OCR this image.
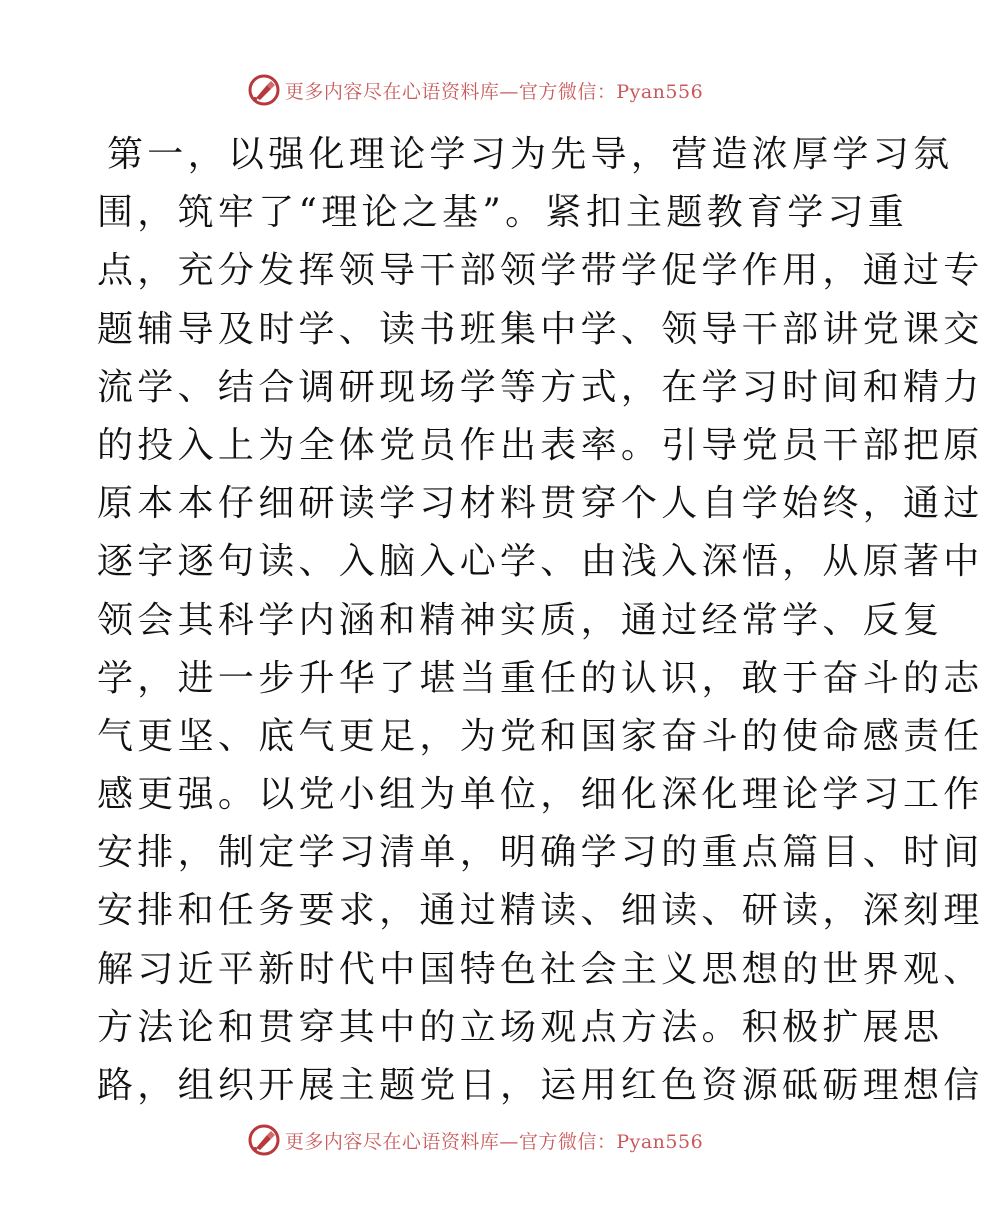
更多内容尽在心语资料库—官方微信：Pyan556
第一，以强化理论学习为先导，营造浓厚学习氛
围，筑牢了“理论之基”。紧扣主题教育学习重
点，充分发挥领导干部领学带学促学作用，通过专
题辅导及时学、读书班集中学、领导干部讲党课交
流学、结合调研现场学等方式，在学习时间和精力
的投入上为全体党员作出表率。引导党员干部把原
原本本仔细研读学习材料贯穿个人自学始终，通过
逐字逐句读、入脑入心学、由浅入深悟，从原著中
领会其科学内涵和精神实质，通过经常学、反复
学，进一步升华了堪当重任的认识，敢于奋斗的志
气更坚、底气更足，为党和国家奋斗的使命感责任
感更强。以党小组为单位，细化深化理论学习工作
安排，制定学习清单，明确学习的重点篇目、时间
安排和任务要求，通过精读、细读、研读，深刻理
解习近平新时代中国特色社会主义思想的世界观、
方法论和贯穿其中的立场观点方法。积极扩展思
路，组织开展主题党日，运用红色资源砥砺理想信
更多内容尽在心语资料库—官方微信：Pyan556
